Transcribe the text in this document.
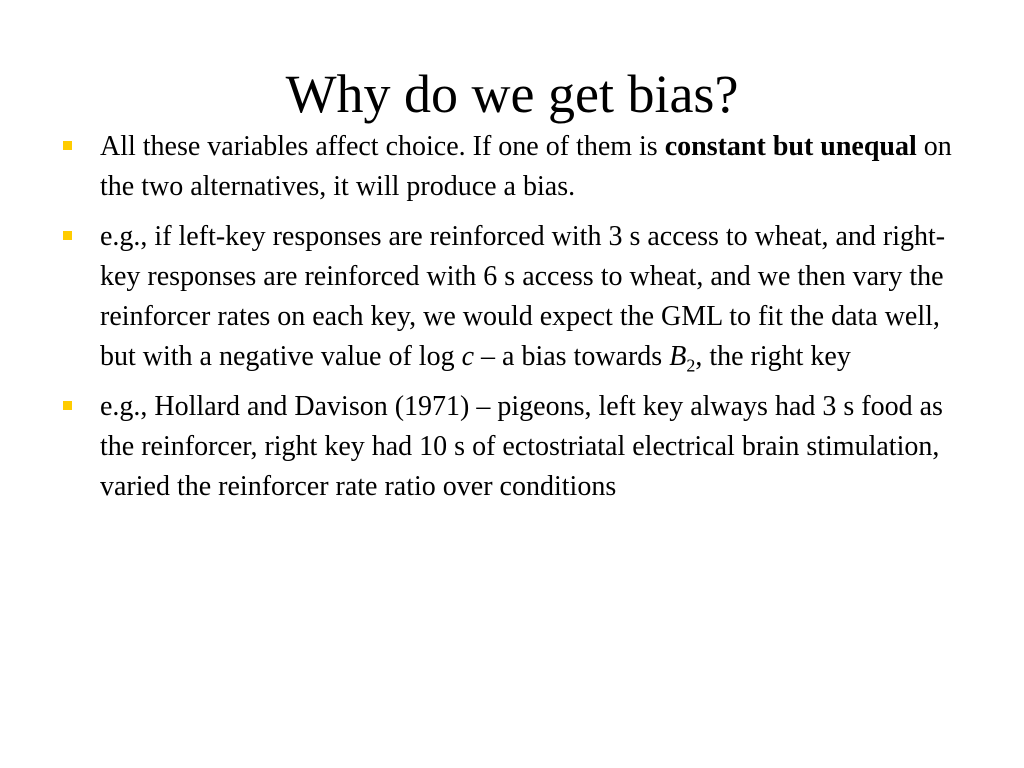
Why do we get bias?
All these variables affect choice. If one of them is constant but unequal on the two alternatives, it will produce a bias.
e.g., if left-key responses are reinforced with 3 s access to wheat, and right-key responses are reinforced with 6 s access to wheat, and we then vary the reinforcer rates on each key, we would expect the GML to fit the data well, but with a negative value of log c – a bias towards $B_2$, the right key
e.g., Hollard and Davison (1971) – pigeons, left key always had 3 s food as the reinforcer, right key had 10 s of ectostriatal electrical brain stimulation, varied the reinforcer rate ratio over conditions
